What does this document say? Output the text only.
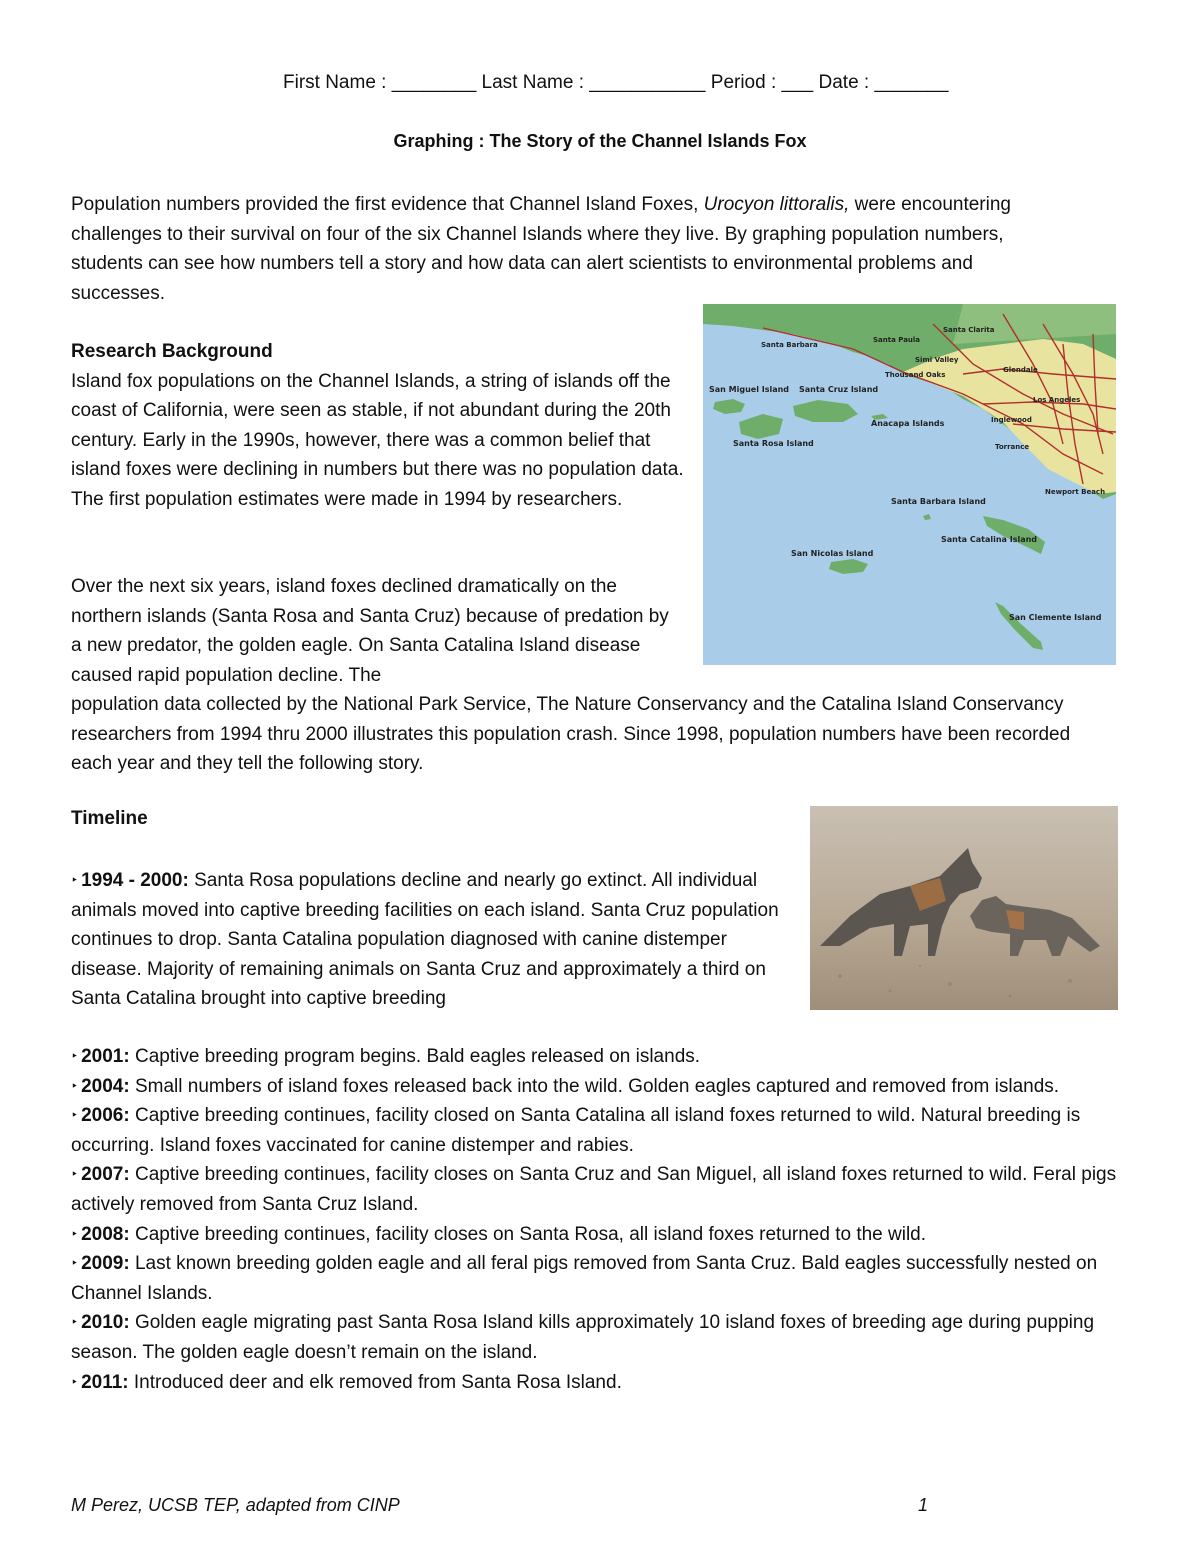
First Name : ________ Last Name : ___________ Period : ___ Date : _______
Graphing : The Story of the Channel Islands Fox
Population numbers provided the first evidence that Channel Island Foxes, Urocyon littoralis, were encountering challenges to their survival on four of the six Channel Islands where they live. By graphing population numbers, students can see how numbers tell a story and how data can alert scientists to environmental problems and successes.
Research Background
Island fox populations on the Channel Islands, a string of islands off the coast of California, were seen as stable, if not abundant during the 20th century. Early in the 1990s, however, there was a common belief that island foxes were declining in numbers but there was no population data. The first population estimates were made in 1994 by researchers.
Over the next six years, island foxes declined dramatically on the northern islands (Santa Rosa and Santa Cruz) because of predation by a new predator, the golden eagle. On Santa Catalina Island disease caused rapid population decline. The
population data collected by the National Park Service, The Nature Conservancy and the Catalina Island Conservancy researchers from 1994 thru 2000 illustrates this population crash. Since 1998, population numbers have been recorded each year and they tell the following story.
Santa Clarita
Santa Paula
Santa Barbara
Simi Valley
Thousand Oaks
Glendale
Los Angeles
Inglewood
Torrance
Newport Beach
San Miguel Island
Santa Rosa Island
Santa Cruz Island
Anacapa Islands
Santa Barbara Island
Santa Catalina Island
San Nicolas Island
San Clemente Island
Timeline

‣ 1994 - 2000: Santa Rosa populations decline and nearly go extinct. All individual animals moved into captive breeding facilities on each island. Santa Cruz population continues to drop. Santa Catalina population diagnosed with canine distemper disease. Majority of remaining animals on Santa Cruz and approximately a third on Santa Catalina brought into captive breeding

‣ 2001: Captive breeding program begins. Bald eagles released on islands.

‣ 2004: Small numbers of island foxes released back into the wild. Golden eagles captured and removed from islands.

‣ 2006: Captive breeding continues, facility closed on Santa Catalina all island foxes returned to wild. Natural breeding is occurring. Island foxes vaccinated for canine distemper and rabies.

‣ 2007: Captive breeding continues, facility closes on Santa Cruz and San Miguel, all island foxes returned to wild. Feral pigs actively removed from Santa Cruz Island.

‣ 2008: Captive breeding continues, facility closes on Santa Rosa, all island foxes returned to the wild.

‣ 2009: Last known breeding golden eagle and all feral pigs removed from Santa Cruz. Bald eagles successfully nested on Channel Islands.

‣ 2010: Golden eagle migrating past Santa Rosa Island kills approximately 10 island foxes of breeding age during pupping season. The golden eagle doesn’t remain on the island.

‣ 2011: Introduced deer and elk removed from Santa Rosa Island.

M Perez, UCSB TEP, adapted from CINP	1
